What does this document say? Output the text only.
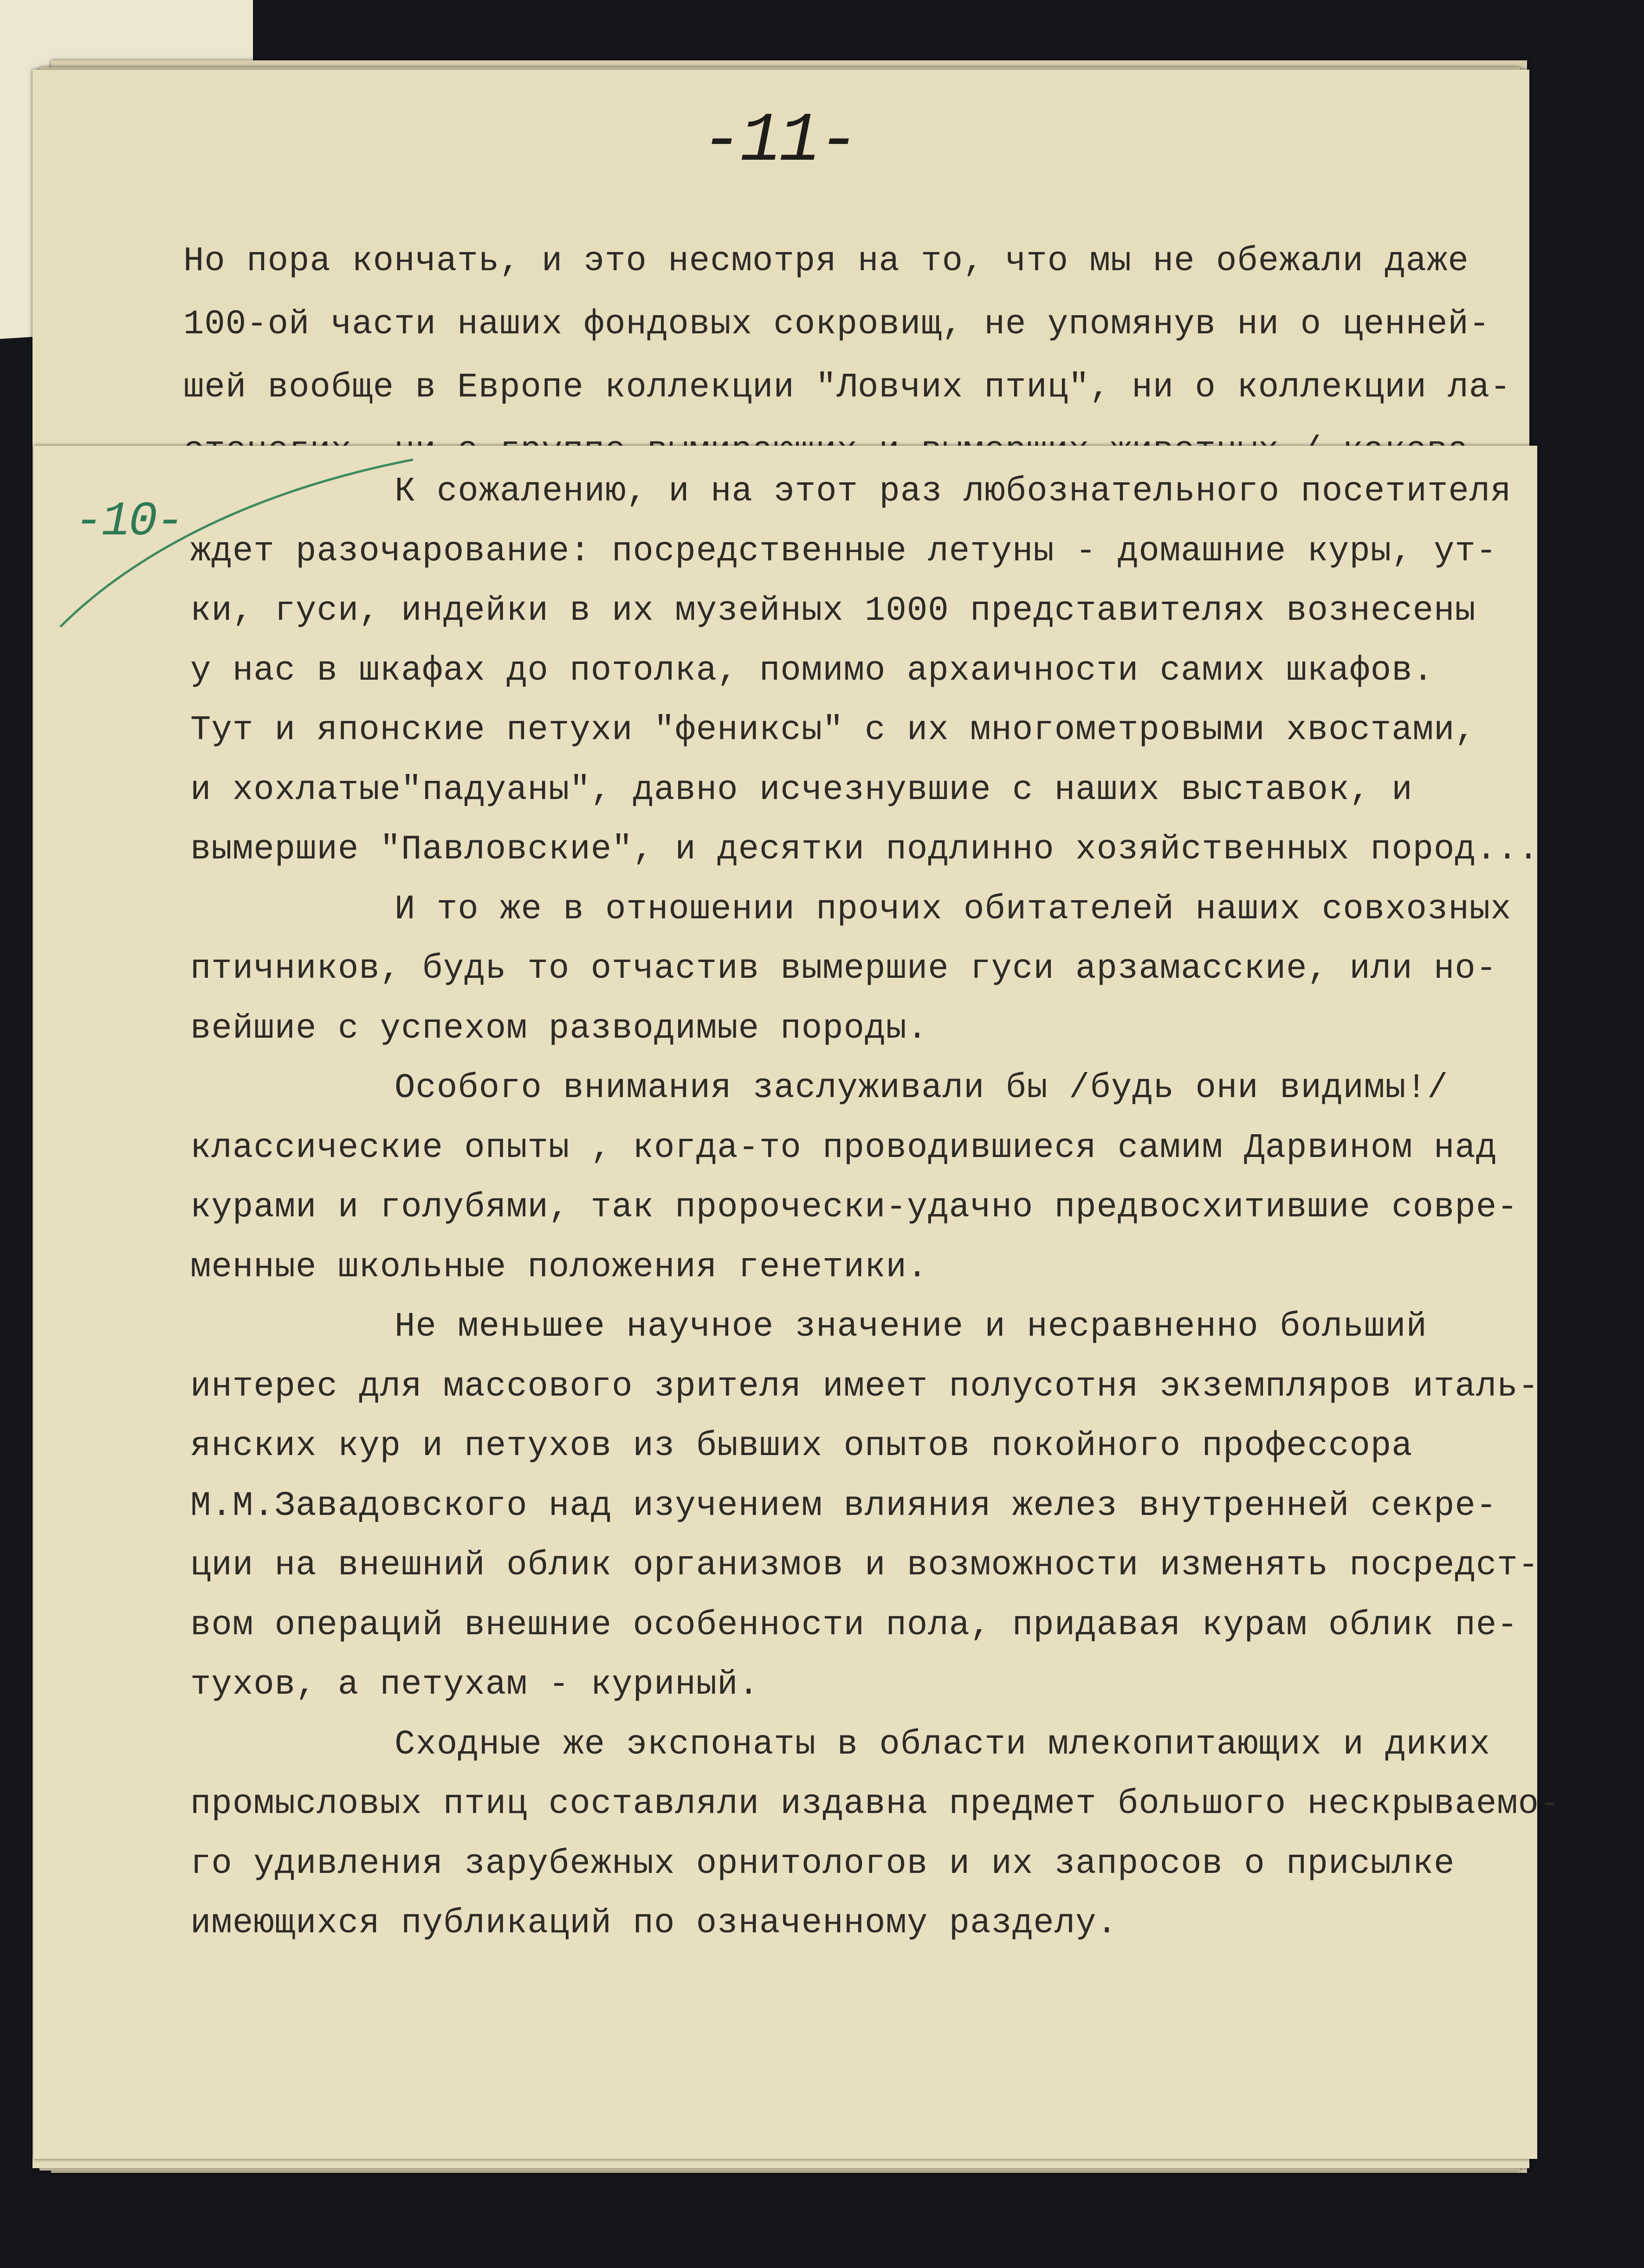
-11-
Но пора кончать, и это несмотря на то, что мы не обежали даже
100-ой части наших фондовых сокровищ, не упомянув ни о ценней-
шей вообще в Европе коллекции "Ловчих птиц", ни о коллекции ла-
-10-
К сожалению, и на этот раз любознательного посетителя
ждет разочарование: посредственные летуны - домашние куры, ут-
ки, гуси, индейки в их музейных 1000 представителях вознесены
у нас в шкафах до потолка, помимо архаичности самих шкафов.
Тут и японские петухи "фениксы" с их многометровыми хвостами,
и хохлатые"падуаны", давно исчезнувшие с наших выставок, и
вымершие "Павловские", и десятки подлинно хозяйственных пород...
И то же в отношении прочих обитателей наших совхозных
птичников, будь то отчастив вымершие гуси арзамасские, или но-
вейшие с успехом разводимые породы.
Особого внимания заслуживали бы /будь они видимы!/
классические опыты , когда-то проводившиеся самим Дарвином над
курами и голубями, так пророчески-удачно предвосхитившие совре-
менные школьные положения генетики.
Не меньшее научное значение и несравненно больший
интерес для массового зрителя имеет полусотня экземпляров италь-
янских кур и петухов из бывших опытов покойного профессора
М.М.Завадовского над изучением влияния желез внутренней секре-
ции на внешний облик организмов и возможности изменять посредст-
вом операций внешние особенности пола, придавая курам облик пе-
тухов, а петухам - куриный.
Сходные же экспонаты в области млекопитающих и диких
промысловых птиц составляли издавна предмет большого нескрываемо-
го удивления зарубежных орнитологов и их запросов о присылке
имеющихся публикаций по означенному разделу.
